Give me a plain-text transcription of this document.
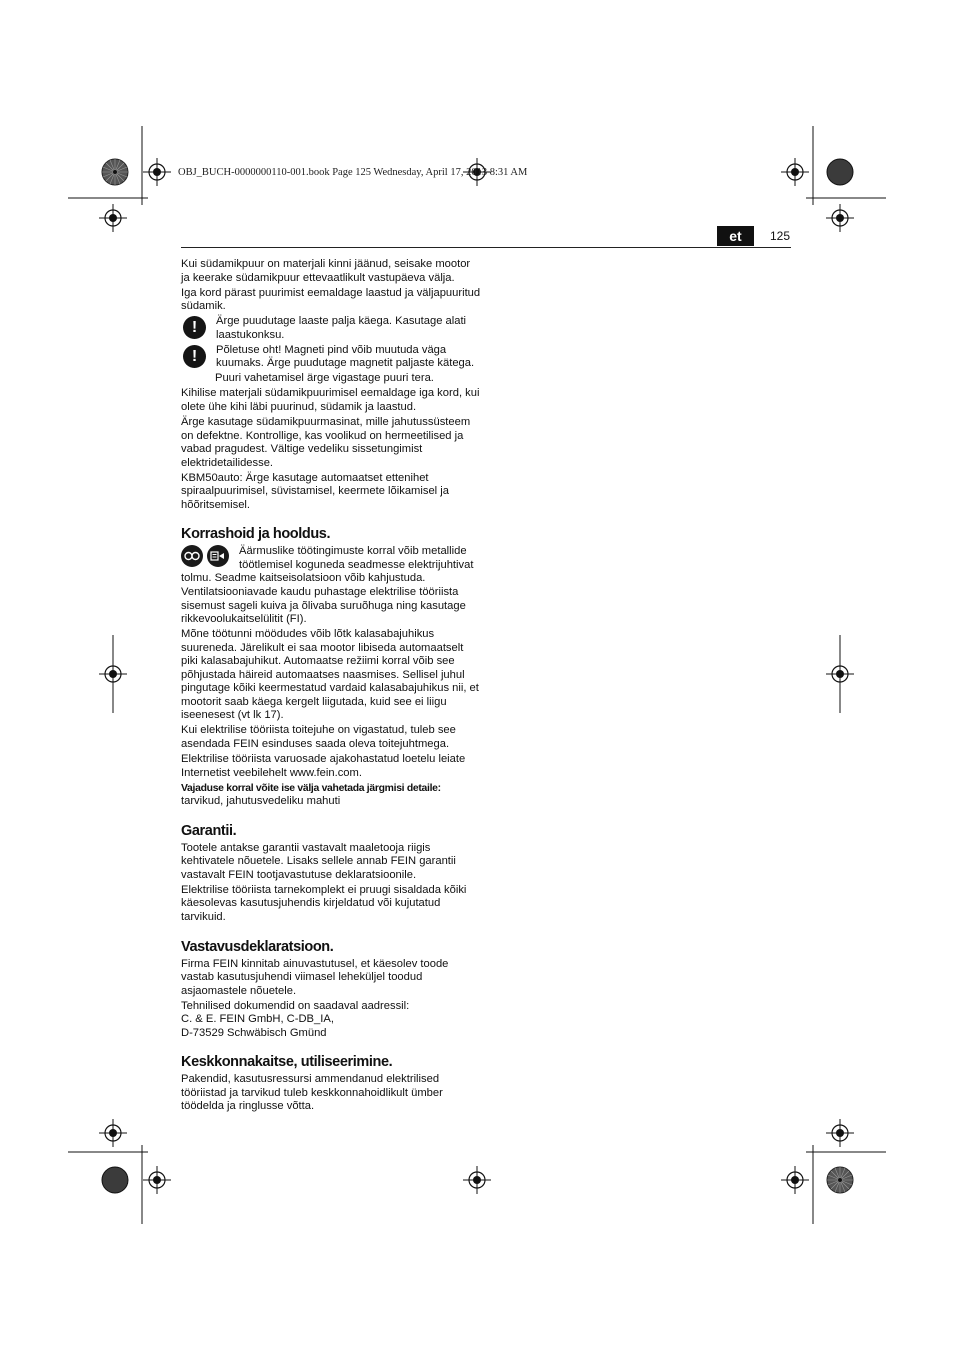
OBJ_BUCH-0000000110-001.book Page 125 Wednesday, April 17, 2013 8:31 AM
et	125

Kui südamikpuur on materjali kinni jäänud, seisake mootor ja keerake südamikpuur ettevaatlikult vastupäeva välja.

Iga kord pärast puurimist eemaldage laastud ja väljapuuritud südamik.

!	Ärge puudutage laaste palja käega. Kasutage alati laastukonksu.
!	Põletuse oht! Magneti pind võib muutuda väga kuumaks. Ärge puudutage magnetit paljaste kätega.

Puuri vahetamisel ärge vigastage puuri tera.

Kihilise materjali südamikpuurimisel eemaldage iga kord, kui olete ühe kihi läbi puurinud, südamik ja laastud.

Ärge kasutage südamikpuurmasinat, mille jahutussüsteem on defektne. Kontrollige, kas voolikud on hermeetilised ja vabad pragudest. Vältige vedeliku sissetungimist elektridetailidesse.

KBM50auto: Ärge kasutage automaatset ettenihet spiraalpuurimisel, süvistamisel, keermete lõikamisel ja hõõritsemisel.

Korrashoid ja hooldus.

Äärmuslike töötingimuste korral võib metallide töötlemisel koguneda seadmesse elektrijuhtivat tolmu. Seadme kaitseisolatsioon võib kahjustuda. Ventilatsiooniavade kaudu puhastage elektrilise tööriista sisemust sageli kuiva ja õlivaba suruõhuga ning kasutage rikkevoolukaitselülitit (FI).

Mõne töötunni möödudes võib lõtk kalasabajuhikus suureneda. Järelikult ei saa mootor libiseda automaatselt piki kalasabajuhikut. Automaatse režiimi korral võib see põhjustada häireid automaatses naasmises. Sellisel juhul pingutage kõiki keermestatud vardaid kalasabajuhikus nii, et mootorit saab käega kergelt liigutada, kuid see ei liigu iseenesest (vt lk 17).

Kui elektrilise tööriista toitejuhe on vigastatud, tuleb see asendada FEIN esinduses saada oleva toitejuhtmega.

Elektrilise tööriista varuosade ajakohastatud loetelu leiate Internetist veebilehelt www.fein.com.

Vajaduse korral võite ise välja vahetada järgmisi detaile:

tarvikud, jahutusvedeliku mahuti

Garantii.

Tootele antakse garantii vastavalt maaletooja riigis kehtivatele nõuetele. Lisaks sellele annab FEIN garantii vastavalt FEIN tootjavastutuse deklaratsioonile.

Elektrilise tööriista tarnekomplekt ei pruugi sisaldada kõiki käesolevas kasutusjuhendis kirjeldatud või kujutatud tarvikuid.

Vastavusdeklaratsioon.

Firma FEIN kinnitab ainuvastutusel, et käesolev toode vastab kasutusjuhendi viimasel leheküljel toodud asjaomastele nõuetele.

Tehnilised dokumendid on saadaval aadressil:

C. & E. FEIN GmbH, C-DB_IA,

D-73529 Schwäbisch Gmünd

Keskkonnakaitse, utiliseerimine.

Pakendid, kasutusressursi ammendanud elektrilised tööriistad ja tarvikud tuleb keskkonnahoidlikult ümber töödelda ja ringlusse võtta.
